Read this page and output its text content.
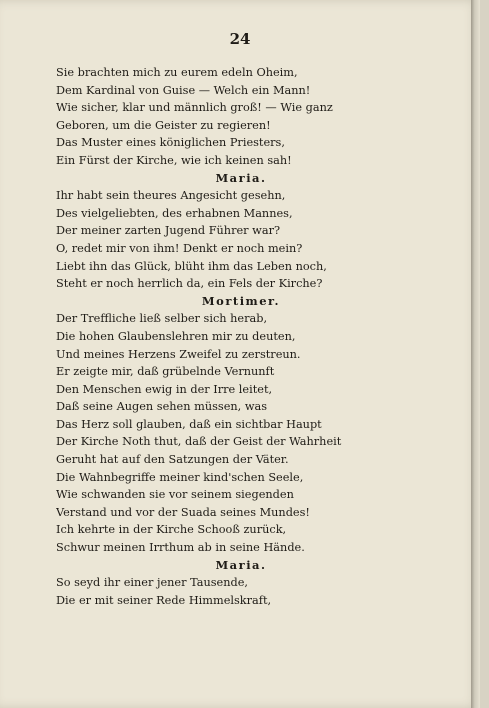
24
Sie brachten mich zu eurem edeln Oheim,
Dem Kardinal von Guise — Welch ein Mann!
Wie sicher, klar und männlich groß! — Wie ganz
Geboren, um die Geister zu regieren!
Das Muster eines königlichen Priesters,
Ein Fürst der Kirche, wie ich keinen sah!
Maria.
Ihr habt sein theures Angesicht gesehn,
Des vielgeliebten, des erhabnen Mannes,
Der meiner zarten Jugend Führer war?
O, redet mir von ihm! Denkt er noch mein?
Liebt ihn das Glück, blüht ihm das Leben noch,
Steht er noch herrlich da, ein Fels der Kirche?
Mortimer.
Der Treffliche ließ selber sich herab,
Die hohen Glaubenslehren mir zu deuten,
Und meines Herzens Zweifel zu zerstreun.
Er zeigte mir, daß grübelnde Vernunft
Den Menschen ewig in der Irre leitet,
Daß seine Augen sehen müssen, was
Das Herz soll glauben, daß ein sichtbar Haupt
Der Kirche Noth thut, daß der Geist der Wahrheit
Geruht hat auf den Satzungen der Väter.
Die Wahnbegriffe meiner kind'schen Seele,
Wie schwanden sie vor seinem siegenden
Verstand und vor der Suada seines Mundes!
Ich kehrte in der Kirche Schooß zurück,
Schwur meinen Irrthum ab in seine Hände.
Maria.
So seyd ihr einer jener Tausende,
Die er mit seiner Rede Himmelskraft,
